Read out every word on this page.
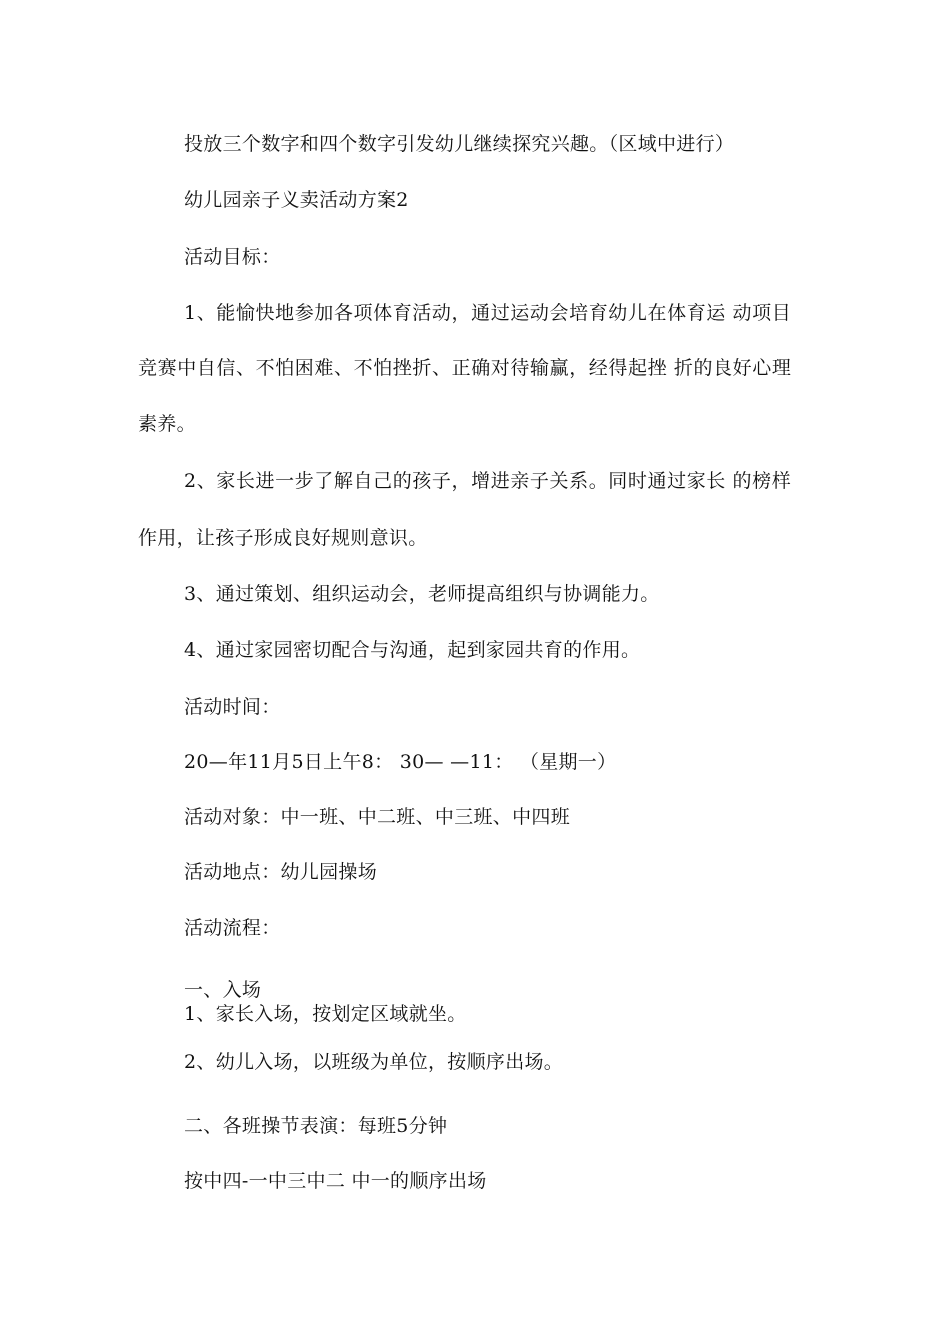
投放三个数字和四个数字引发幼儿继续探究兴趣。（区域中进行）
幼儿园亲子义卖活动方案2
活动目标：
1、能愉快地参加各项体育活动，通过运动会培育幼儿在体育运 动项目
竞赛中自信、不怕困难、不怕挫折、正确对待输赢，经得起挫 折的良好心理
素养。
2、家长进一步了解自己的孩子，增进亲子关系。同时通过家长 的榜样
作用，让孩子形成良好规则意识。
3、通过策划、组织运动会，老师提高组织与协调能力。
4、通过家园密切配合与沟通，起到家园共育的作用。
活动时间：
20—年11月5日上午8： 30— —11： （星期一）
活动对象：中一班、中二班、中三班、中四班
活动地点：幼儿园操场
活动流程：
一、入场
1、家长入场，按划定区域就坐。
2、幼儿入场，以班级为单位，按顺序出场。
二、各班操节表演：每班5分钟
按中四-一中三中二 中一的顺序出场
